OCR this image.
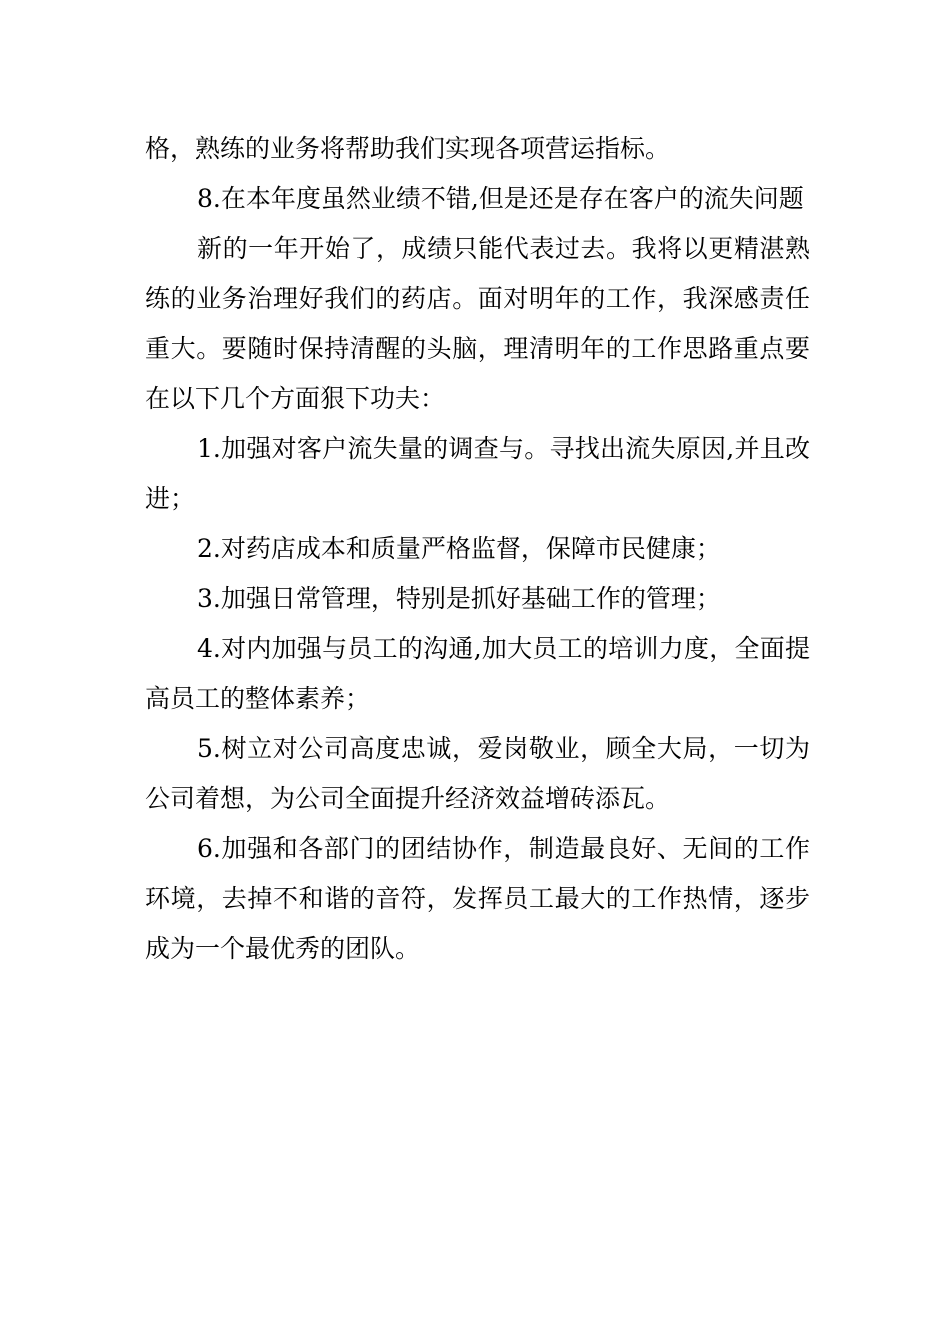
格，熟练的业务将帮助我们实现各项营运指标。

8.在本年度虽然业绩不错,但是还是存在客户的流失问题

新的一年开始了，成绩只能代表过去。我将以更精湛熟练的业务治理好我们的药店。面对明年的工作，我深感责任重大。要随时保持清醒的头脑，理清明年的工作思路重点要在以下几个方面狠下功夫：

1.加强对客户流失量的调查与。寻找出流失原因,并且改进；

2.对药店成本和质量严格监督，保障市民健康；

3.加强日常管理，特别是抓好基础工作的管理；

4.对内加强与员工的沟通,加大员工的培训力度，全面提高员工的整体素养；

5.树立对公司高度忠诚，爱岗敬业，顾全大局，一切为公司着想，为公司全面提升经济效益增砖添瓦。

6.加强和各部门的团结协作，制造最良好、无间的工作环境，去掉不和谐的音符，发挥员工最大的工作热情，逐步成为一个最优秀的团队。
